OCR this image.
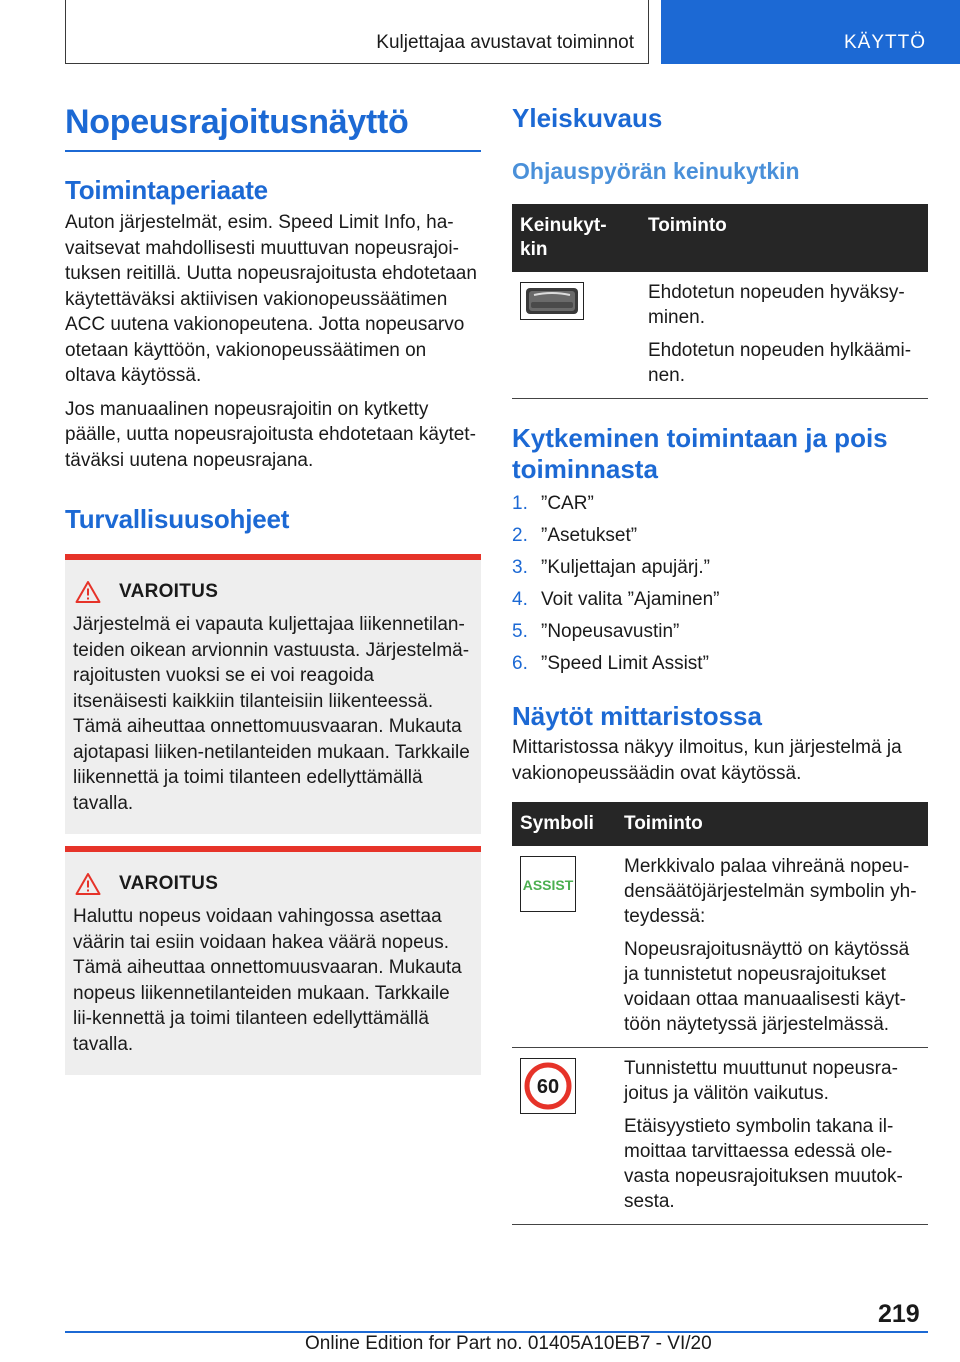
Kuljettajaa avustavat toiminnot	KÄYTTÖ
Nopeusrajoitusnäyttö
Toimintaperiaate

Auton järjestelmät, esim. Speed Limit Info, ha-vaitsevat mahdollisesti muuttuvan nopeusrajoi-tuksen reitillä. Uutta nopeusrajoitusta ehdotetaan käytettäväksi aktiivisen vakionopeussäätimen ACC uutena vakionopeutena. Jotta nopeusarvo otetaan käyttöön, vakionopeussäätimen on oltava käytössä.

Jos manuaalinen nopeusrajoitin on kytketty päälle, uutta nopeusrajoitusta ehdotetaan käytet-täväksi uutena nopeusrajana.

Turvallisuusohjeet
VAROITUS

Järjestelmä ei vapauta kuljettajaa liikennetilan-teiden oikean arvionnin vastuusta. Järjestelmä-rajoitusten vuoksi se ei voi reagoida itsenäisesti kaikkiin tilanteisiin liikenteessä. Tämä aiheuttaa onnettomuusvaaran. Mukauta ajotapasi liiken-netilanteiden mukaan. Tarkkaile liikennettä ja toimi tilanteen edellyttämällä tavalla.

VAROITUS

Haluttu nopeus voidaan vahingossa asettaa väärin tai esiin voidaan hakea väärä nopeus. Tämä aiheuttaa onnettomuusvaaran. Mukauta nopeus liikennetilanteiden mukaan. Tarkkaile lii-kennettä ja toimi tilanteen edellyttämällä tavalla.

Yleiskuvaus
Ohjauspyörän keinukytkin
Keinukyt-kin	Toiminto

Ehdotetun nopeuden hyväksy-minen.

Ehdotetun nopeuden hylkäämi-nen.

Kytkeminen toimintaan ja pois toiminnasta
1. ”CAR”
2. ”Asetukset”
3. ”Kuljettajan apujärj.”
4. Voit valita ”Ajaminen”
5. ”Nopeusavustin”
6. ”Speed Limit Assist”
Näytöt mittaristossa

Mittaristossa näkyy ilmoitus, kun järjestelmä ja vakionopeussäädin ovat käytössä.

Symboli	Toiminto

ASSIST	Merkkivalo palaa vihreänä nopeu-densäätöjärjestelmän symbolin yh-teydessä:

Nopeusrajoitusnäyttö on käytössä ja tunnistetut nopeusrajoitukset voidaan ottaa manuaalisesti käyt-töön näytetyssä järjestelmässä.

60	Tunnistettu muuttunut nopeusra-joitus ja välitön vaikutus.

Etäisyystieto symbolin takana il-moittaa tarvittaessa edessä ole-vasta nopeusrajoituksen muutok-sesta.

219
Online Edition for Part no. 01405A10EB7 - VI/20
